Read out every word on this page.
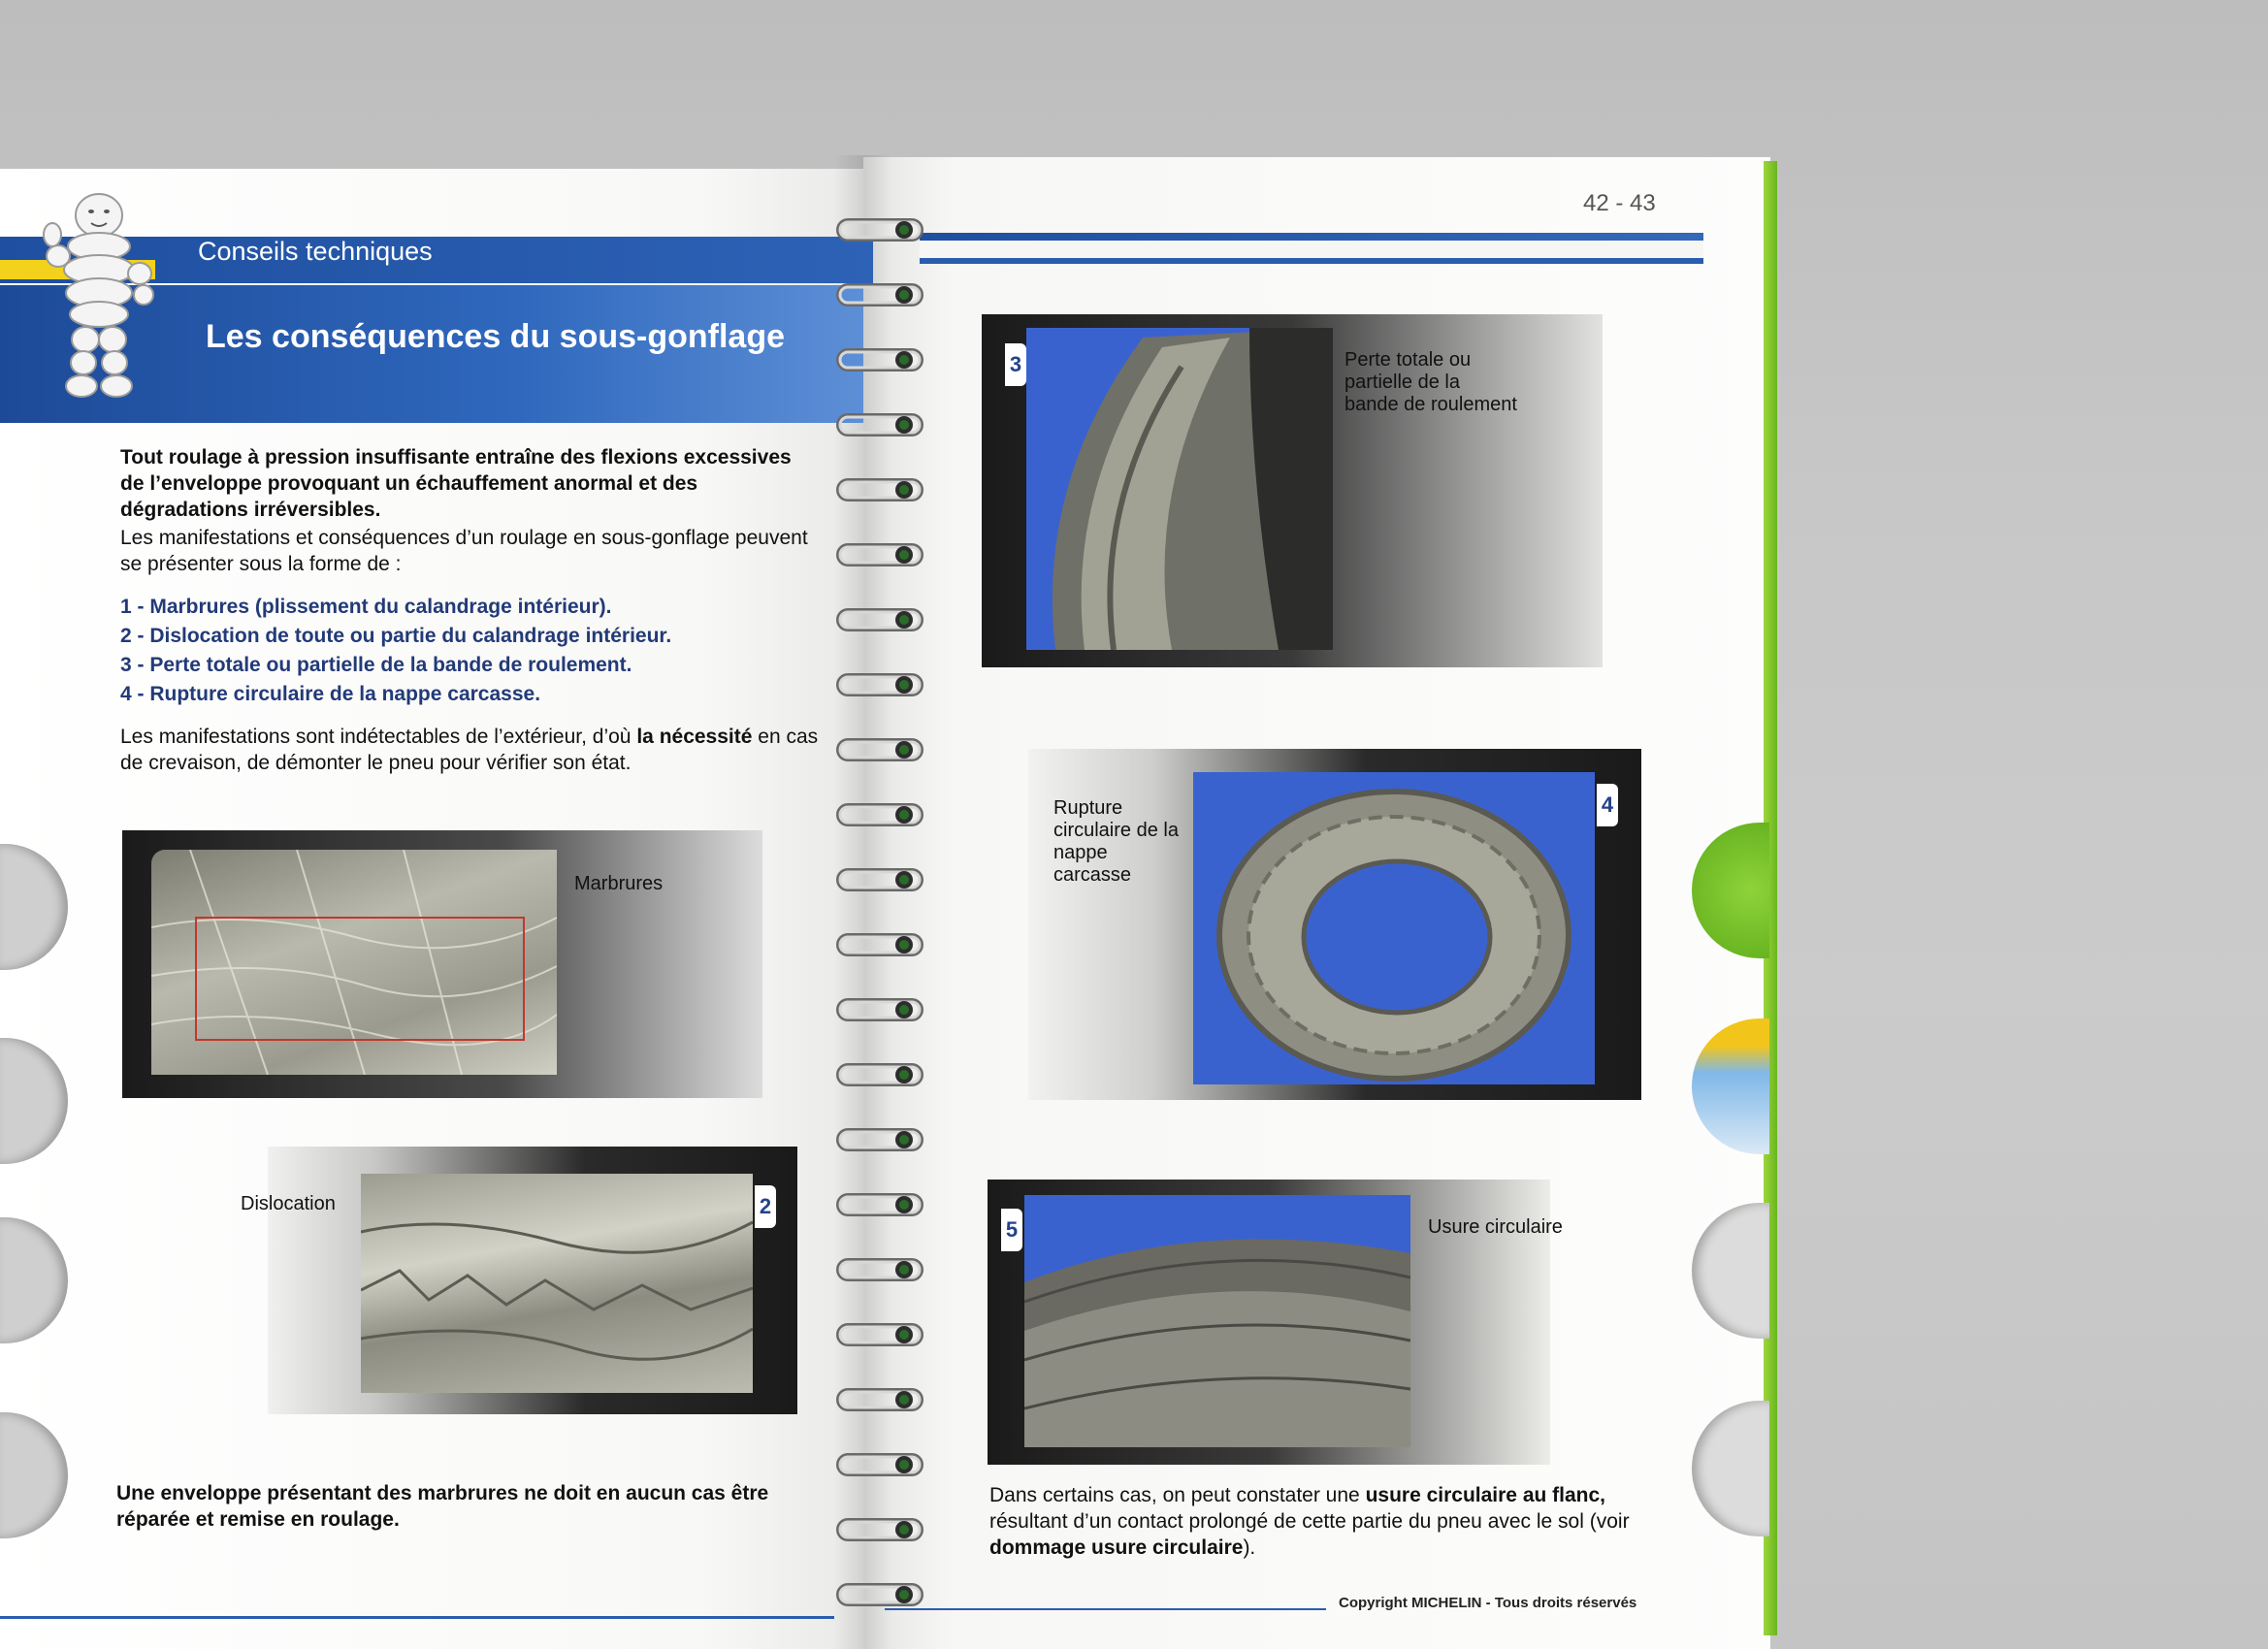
Conseils techniques
Les conséquences du sous-gonflage
42 - 43
Tout roulage à pression insuffisante entraîne des flexions excessives de l’enveloppe provoquant un échauffement anormal et des dégradations irréversibles.
Les manifestations et conséquences d’un roulage en sous-gonflage peuvent se présenter sous la forme de :
1 - Marbrures (plissement du calandrage intérieur).
2 - Dislocation de toute ou partie du calandrage intérieur.
3 - Perte totale ou partielle de la bande de roulement.
4 - Rupture circulaire de la nappe carcasse.
Les manifestations sont indétectables de l’extérieur, d’où la nécessité en cas de crevaison, de démonter le pneu pour vérifier son état.
Marbrures
2
Dislocation
Une enveloppe présentant des marbrures ne doit en aucun cas être réparée et remise en roulage.
3	Perte totale ou partielle de la bande de roulement
4
Rupture circulaire de la nappe carcasse
5	Usure circulaire
Dans certains cas, on peut constater une usure circulaire au flanc, résultant d’un contact prolongé de cette partie du pneu avec le sol (voir dommage usure circulaire).
Copyright MICHELIN - Tous droits réservés
